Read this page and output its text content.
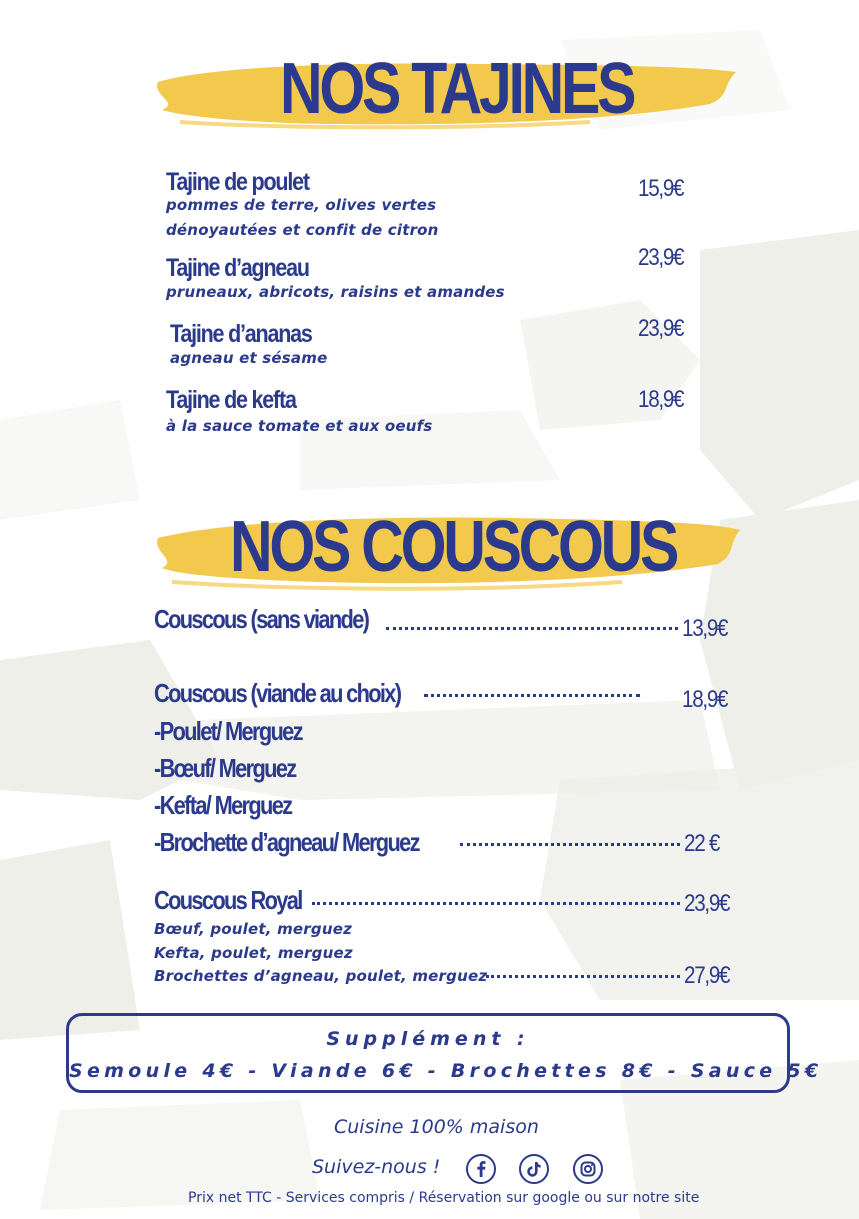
NOS TAJINES
Tajine de poulet
pommes de terre, olives vertes
dénoyautées et confit de citron
15,9€
Tajine d’agneau
pruneaux, abricots, raisins et amandes
23,9€
Tajine d’ananas
agneau et sésame
23,9€
Tajine de kefta
à la sauce tomate et aux oeufs
18,9€
NOS COUSCOUS
Couscous (sans viande)	13,9€
Couscous (viande au choix)	18,9€
-Poulet/ Merguez
-Bœuf/ Merguez
-Kefta/ Merguez
-Brochette d’agneau/ Merguez	22 €
Couscous Royal	23,9€
Bœuf, poulet, merguez
Kefta, poulet, merguez
Brochettes d’agneau, poulet, merguez	27,9€
Supplément :
Semoule 4€ - Viande 6€ - Brochettes 8€ - Sauce 5€
Cuisine 100% maison
Suivez-nous !
Prix net TTC - Services compris / Réservation sur google ou sur notre site
